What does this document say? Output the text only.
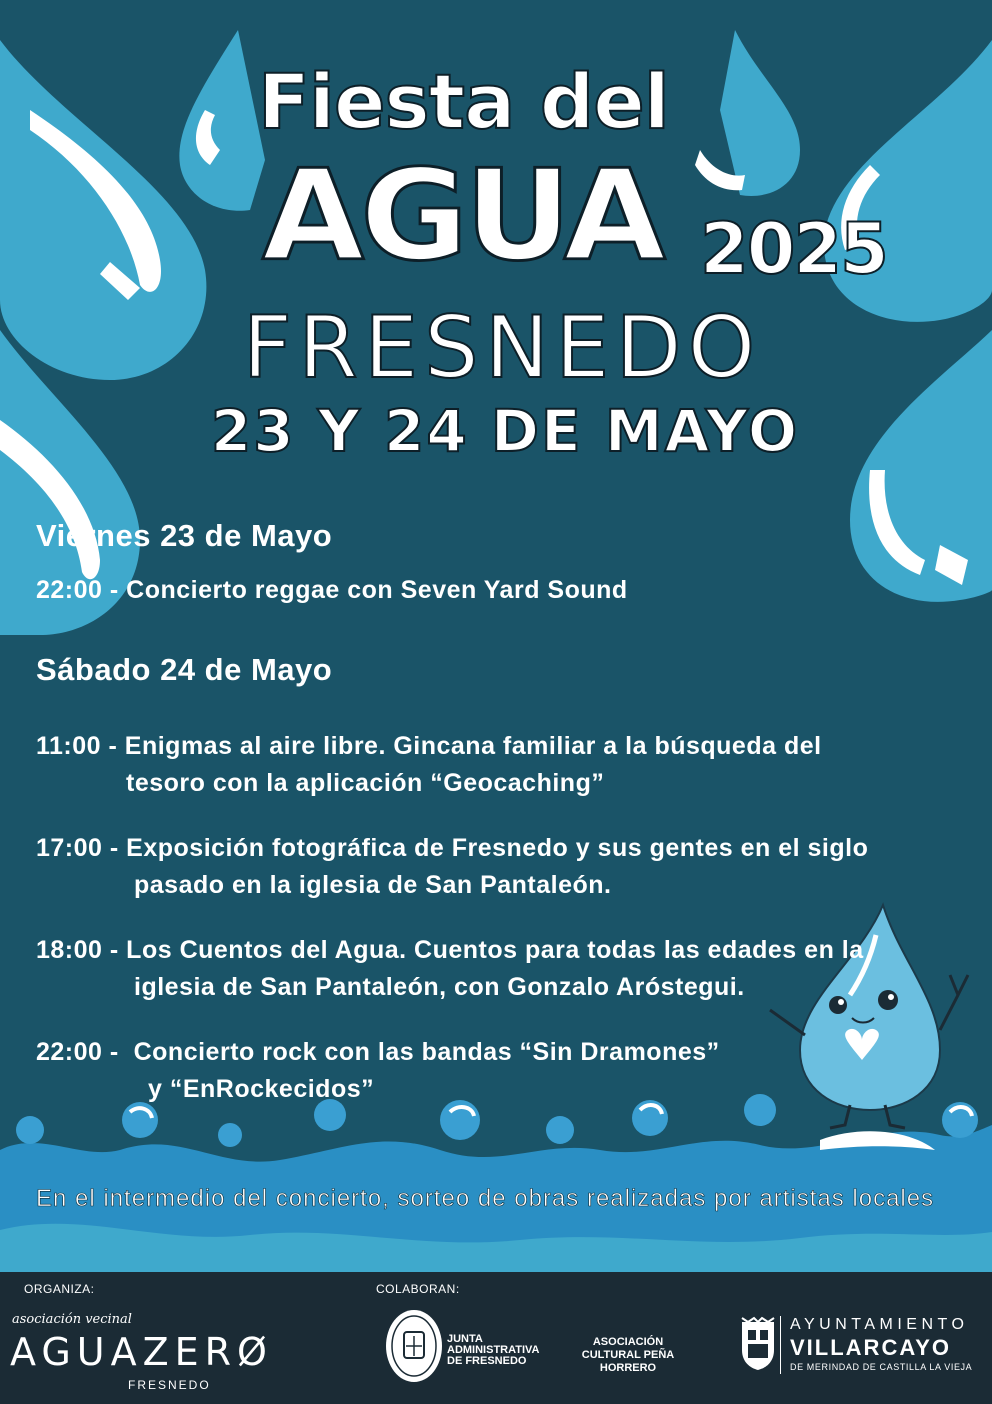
Fiesta del
AGUA 2025
FRESNEDO
23 Y 24 DE MAYO
Viernes 23 de Mayo
22:00 - Concierto reggae con Seven Yard Sound
Sábado 24 de Mayo
11:00 - Enigmas al aire libre. Gincana familiar a la búsqueda del
tesoro con la aplicación “Geocaching”
17:00 - Exposición fotográfica de Fresnedo y sus gentes en el siglo
pasado en la iglesia de San Pantaleón.
18:00 - Los Cuentos del Agua. Cuentos para todas las edades en la
iglesia de San Pantaleón, con Gonzalo Aróstegui.
22:00 -  Concierto rock con las bandas “Sin Dramones”
y “EnRockecidos”
En el intermedio del concierto, sorteo de obras realizadas por artistas locales
ORGANIZA:	COLABORAN:
asociación vecinal
AGUAZERØ
FRESNEDO
JUNTA ADMINISTRATIVA DE FRESNEDO
ASOCIACIÓN CULTURAL PEÑA HORRERO
AYUNTAMIENTO
VILLARCAYO
DE MERINDAD DE CASTILLA LA VIEJA
